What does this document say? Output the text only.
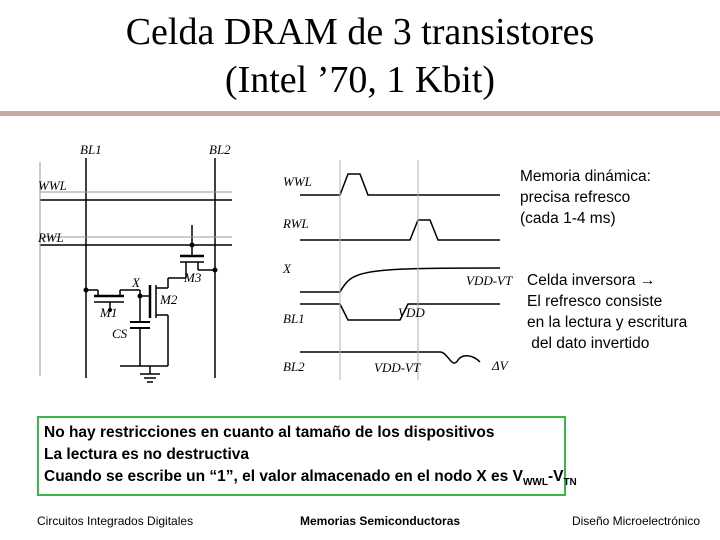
Celda DRAM de 3 transistores
(Intel ’70, 1 Kbit)
BL1	BL2
WWL
RWL
X
M1
M2
M3
CS
WWL
RWL
X
BL1
BL2
VDD-VT
VDD
VDD-VT	ΔV
Memoria dinámica:
precisa refresco
(cada 1-4 ms)
Celda inversora →
El refresco consiste
en la lectura y escritura
del dato invertido
No hay restricciones en cuanto al tamaño de los dispositivos
La lectura es no destructiva
Cuando se escribe un “1”, el valor almacenado en el nodo X es $V_{WWL}-V_{TN}$
Circuitos Integrados Digitales	Memorias Semiconductoras	Diseño Microelectrónico
